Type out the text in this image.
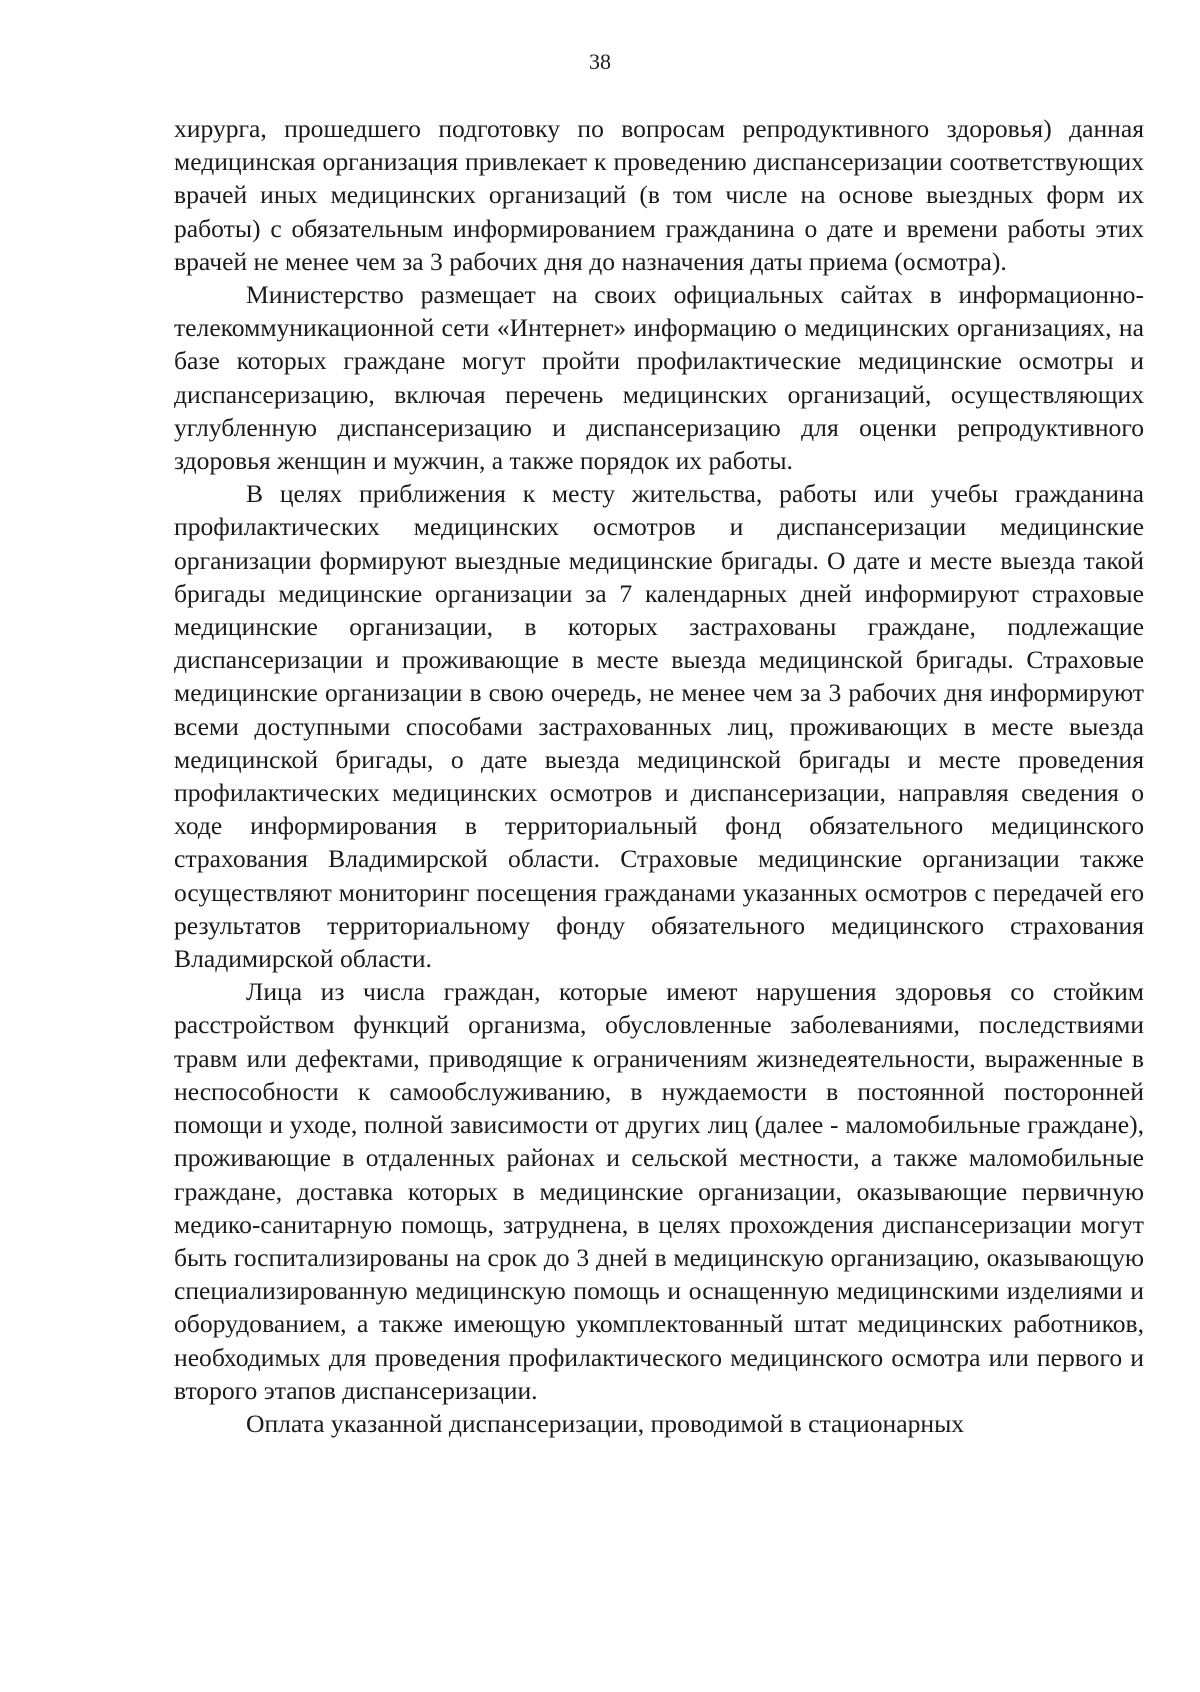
38

хирурга, прошедшего подготовку по вопросам репродуктивного здоровья) данная медицинская организация привлекает к проведению диспансеризации соответствующих врачей иных медицинских организаций (в том числе на основе выездных форм их работы) с обязательным информированием гражданина о дате и времени работы этих врачей не менее чем за 3 рабочих дня до назначения даты приема (осмотра).

Министерство размещает на своих официальных сайтах в информационно-телекоммуникационной сети «Интернет» информацию о медицинских организациях, на базе которых граждане могут пройти профилактические медицинские осмотры и диспансеризацию, включая перечень медицинских организаций, осуществляющих углубленную диспансеризацию и диспансеризацию для оценки репродуктивного здоровья женщин и мужчин, а также порядок их работы.

В целях приближения к месту жительства, работы или учебы гражданина профилактических медицинских осмотров и диспансеризации медицинские организации формируют выездные медицинские бригады. О дате и месте выезда такой бригады медицинские организации за 7 календарных дней информируют страховые медицинские организации, в которых застрахованы граждане, подлежащие диспансеризации и проживающие в месте выезда медицинской бригады. Страховые медицинские организации в свою очередь, не менее чем за 3 рабочих дня информируют всеми доступными способами застрахованных лиц, проживающих в месте выезда медицинской бригады, о дате выезда медицинской бригады и месте проведения профилактических медицинских осмотров и диспансеризации, направляя сведения о ходе информирования в территориальный фонд обязательного медицинского страхования Владимирской области. Страховые медицинские организации также осуществляют мониторинг посещения гражданами указанных осмотров с передачей его результатов территориальному фонду обязательного медицинского страхования Владимирской области.

Лица из числа граждан, которые имеют нарушения здоровья со стойким расстройством функций организма, обусловленные заболеваниями, последствиями травм или дефектами, приводящие к ограничениям жизнедеятельности, выраженные в неспособности к самообслуживанию, в нуждаемости в постоянной посторонней помощи и уходе, полной зависимости от других лиц (далее - маломобильные граждане), проживающие в отдаленных районах и сельской местности, а также маломобильные граждане, доставка которых в медицинские организации, оказывающие первичную медико-санитарную помощь, затруднена, в целях прохождения диспансеризации могут быть госпитализированы на срок до 3 дней в медицинскую организацию, оказывающую специализированную медицинскую помощь и оснащенную медицинскими изделиями и оборудованием, а также имеющую укомплектованный штат медицинских работников, необходимых для проведения профилактического медицинского осмотра или первого и второго этапов диспансеризации.

Оплата указанной диспансеризации, проводимой в стационарных
